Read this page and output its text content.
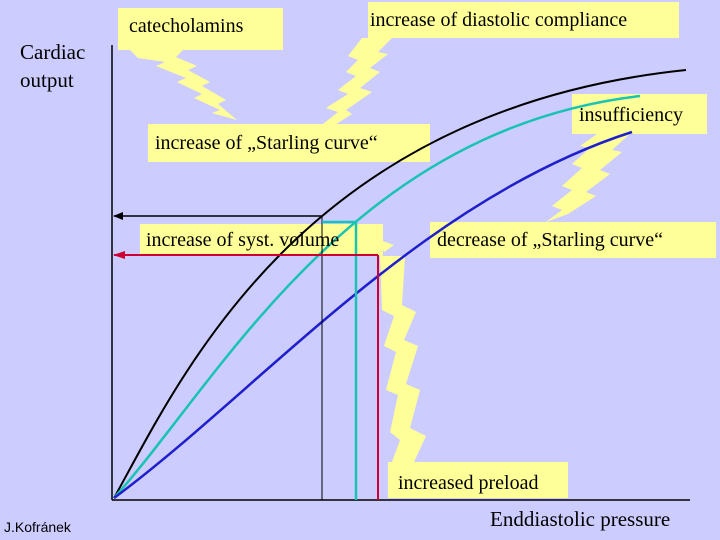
catecholamins	increase of diastolic compliance
increase of „Starling curve“
insufficiency
increase of syst. volume	decrease of „Starling curve“
increased preload
Cardiac
output
Enddiastolic pressure
J.Kofránek
